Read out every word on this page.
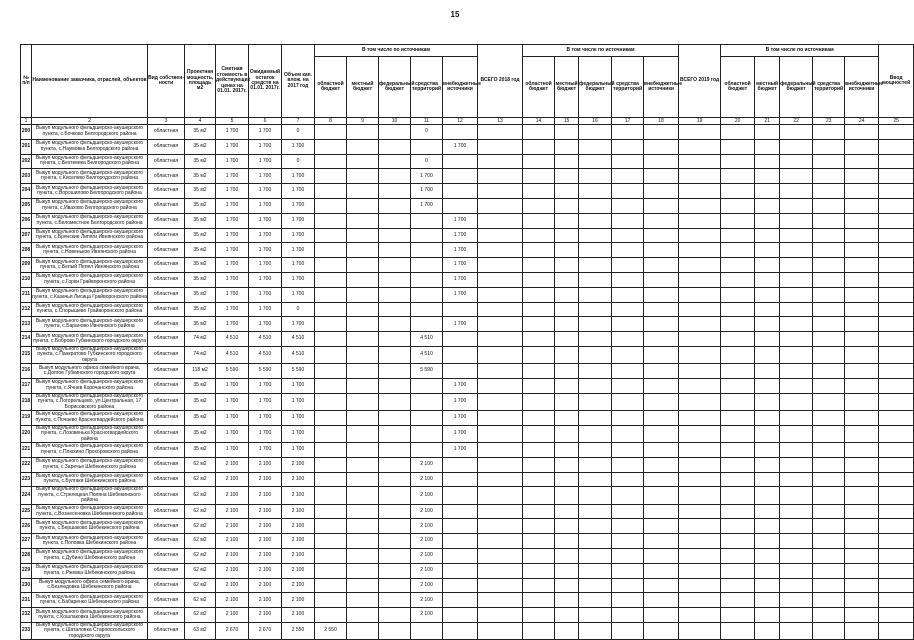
15
№ п/п	Наименование заказчика, отраслей, объектов	Вид собствен-ности	Проектная мощность, площадь м2	Сметная стоимость в действующих ценах на 01.01. 2017г.	Ожидаемый остаток средств на 01.01. 2017г.	Объем кап. влож. на 2017 год	В том числе по источникам					ВСЕГО 2018 год	В том числе по источникам					ВСЕГО 2019 год	В том числе по источникам					Ввод мощностей
							областной бюджет	местный бюджет	федеральный бюджет	средства территорий	внебюджетные источники		областной бюджет	местный бюджет	федеральный бюджет	средства территорий	внебюджетные источники		областной бюджет	местный бюджет	федеральный бюджет	средства территорий	внебюджетные источники	
1	2	3	4	5	6	7	8	9	10	11	12	13	14	15	16	17	18	19	20	21	22	23	24	25
200	Выкуп модульного фельдшерско-акушерского пункта, с.Бочково Белгородского района	областная	35 м2	1 700	1 700	0				0														
201	Выкуп модульного фельдшерско-акушерского пункта, с.Наумовка Белгородского района	областная	35 м2	1 700	1 700	1 700					1 700													
202	Выкуп модульного фельдшерско-акушерского пункта, с.Бехтеевка Белгородского района	областная	35 м2	1 700	1 700	0				0														
203	Выкуп модульного фельдшерско-акушерского пункта, с.Киселево Белгородского района	областная	35 м2	1 700	1 700	1 700				1 700														
204	Выкуп модульного фельдшерско-акушерского пункта, с.Ворошилово Белгородского района	областная	35 м2	1 700	1 700	1 700				1 700														
205	Выкуп модульного фельдшерско-акушерского пункта, с.Ивахово Белгородского района	областная	35 м2	1 700	1 700	1 700				1 700														
206	Выкуп модульного фельдшерско-акушерского пункта, с.Беломестное Белгородского района	областная	35 м2	1 700	1 700	1 700					1 700													
207	Выкуп модульного фельдшерско-акушерского пункта, с.Брянские Липяги Ивнянского района	областная	35 м2	1 700	1 700	1 700					1 700													
208	Выкуп модульного фельдшерско-акушерского пункта, с.Новенькое Ивнянского района	областная	35 м2	1 700	1 700	1 700					1 700													
209	Выкуп модульного фельдшерско-акушерского пункта, с.Белый Пепел Ивнянского района	областная	35 м2	1 700	1 700	1 700					1 700													
210	Выкуп модульного фельдшерско-акушерского пункта, с.Горки Грайворонского района	областная	35 м2	1 700	1 700	1 700					1 700													
211	Выкуп модульного фельдшерско-акушерского пункта, с.Казачья Лисица Грайворонского района	областная	35 м2	1 700	1 700	1 700					1 700													
212	Выкуп модульного фельдшерско-акушерского пункта, с.Спорышево Грайворонского района	областная	35 м2	1 700	1 700	0																		
213	Выкуп модульного фельдшерско-акушерского пункта, с.Бараново Ивнянского района	областная	35 м2	1 700	1 700	1 700					1 700													
214	Выкуп модульного фельдшерско-акушерского пункта, с.Боброво Губкинского городского округа	областная	74 м2	4 510	4 510	4 510				4 510														
215	Выкуп модульного фельдшерско-акушерского пункта, с.Панкратово Губкинского городского округа	областная	74 м2	4 510	4 510	4 510				4 510														
216	Выкуп модульного офиса семейного врача, с.Долгое Губкинского городского округа	областная	118 м2	5 590	5 590	5 590				5 590														
217	Выкуп модульного фельдшерско-акушерского пункта, с.Ячнев Корочанского района	областная	35 м2	1 700	1 700	1 700					1 700													
218	Выкуп модульного фельдшерско-акушерского пункта, с.Погорельцево, ул.Центральная, 17 Борисовского района	областная	35 м2	1 700	1 700	1 700					1 700													
219	Выкуп модульного фельдшерско-акушерского пункта, с.Почаево Красногвардейского района	областная	35 м2	1 700	1 700	1 700					1 700													
220	Выкуп модульного фельдшерско-акушерского пункта, с.Лозовенька Красногвардейского района	областная	35 м2	1 700	1 700	1 700					1 700													
221	Выкуп модульного фельдшерско-акушерского пункта, с.Плюхино Прохоровского района	областная	35 м2	1 700	1 700	1 700					1 700													
222	Выкуп модульного фельдшерско-акушерского пункта, с.Заречье Шебекинского района	областная	62 м2	2 100	2 100	2 100				2 100														
223	Выкуп модульного фельдшерско-акушерского пункта, с.Булгаки Шебекинского района	областная	62 м2	2 100	2 100	2 100				2 100														
224	Выкуп модульного фельдшерско-акушерского пункта, с.Стрелецкая Поляна Шебекинского района	областная	62 м2	2 100	2 100	2 100				2 100														
225	Выкуп модульного фельдшерско-акушерского пункта, с.Вознесеновка Шебекинского района	областная	62 м2	2 100	2 100	2 100				2 100														
226	Выкуп модульного фельдшерско-акушерского пункта, с.Бершаково Шебекинского района	областная	62 м2	2 100	2 100	2 100				2 100														
227	Выкуп модульного фельдшерско-акушерского пункта, с.Поповка Шебекинского района	областная	62 м2	2 100	2 100	2 100				2 100														
228	Выкуп модульного фельдшерско-акушерского пункта, с.Дубино Шебекинского района	областная	62 м2	2 100	2 100	2 100				2 100														
229	Выкуп модульного фельдшерско-акушерского пункта, с.Ржевка Шебекинского района	областная	62 м2	2 100	2 100	2 100				2 100														
230	Выкуп модульного офиса семейного врача, с.Безлюдовка Шебекинского района	областная	62 м2	2 100	2 100	2 100				2 100														
231	Выкуп модульного фельдшерско-акушерского пункта, с.Бабаренко Шебекинского района	областная	62 м2	2 100	2 100	2 100				2 100														
232	Выкуп модульного фельдшерско-акушерского пункта, с.Кошлаковка Шебекинского района	областная	62 м2	2 100	2 100	2 100				2 100														
233	Выкуп модульного фельдшерско-акушерского пункта, с.Шаталовка Старооскольского городского округа	областная	63 м2	2 670	2 670	2 550	2 550																	
